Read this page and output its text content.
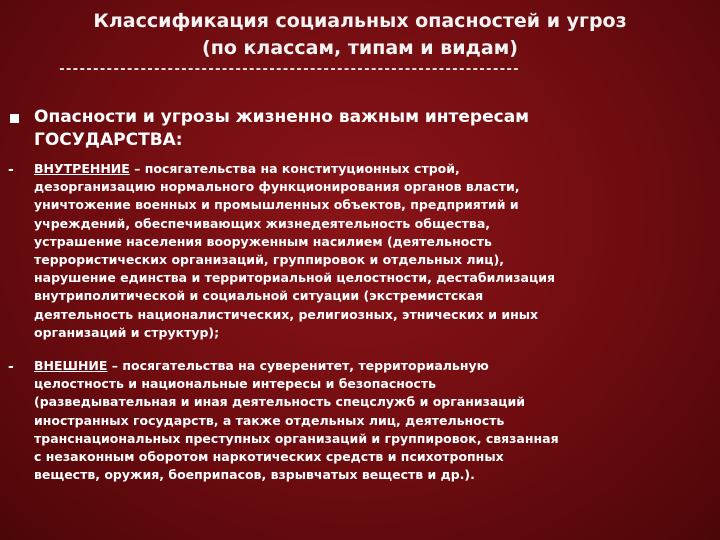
Классификация социальных опасностей и угроз
(по классам, типам и видам)
--------------------------------------------------------------------
Опасности и угрозы жизненно важным интересам
ГОСУДАРСТВА:
- ВНУТРЕННИЕ – посягательства на конституционных строй,
дезорганизацию нормального функционирования органов власти,
уничтожение военных и промышленных объектов, предприятий и
учреждений, обеспечивающих жизнедеятельность общества,
устрашение населения вооруженным насилием (деятельность
террористических организаций, группировок и отдельных лиц),
нарушение единства и территориальной целостности, дестабилизация
внутриполитической и социальной ситуации (экстремистская
деятельность националистических, религиозных, этнических и иных
организаций и структур);
- ВНЕШНИЕ – посягательства на суверенитет, территориальную
целостность и национальные интересы и безопасность
(разведывательная и иная деятельность спецслужб и организаций
иностранных государств, а также отдельных лиц, деятельность
транснациональных преступных организаций и группировок, связанная
с незаконным оборотом наркотических средств и психотропных
веществ, оружия, боеприпасов, взрывчатых веществ и др.).
